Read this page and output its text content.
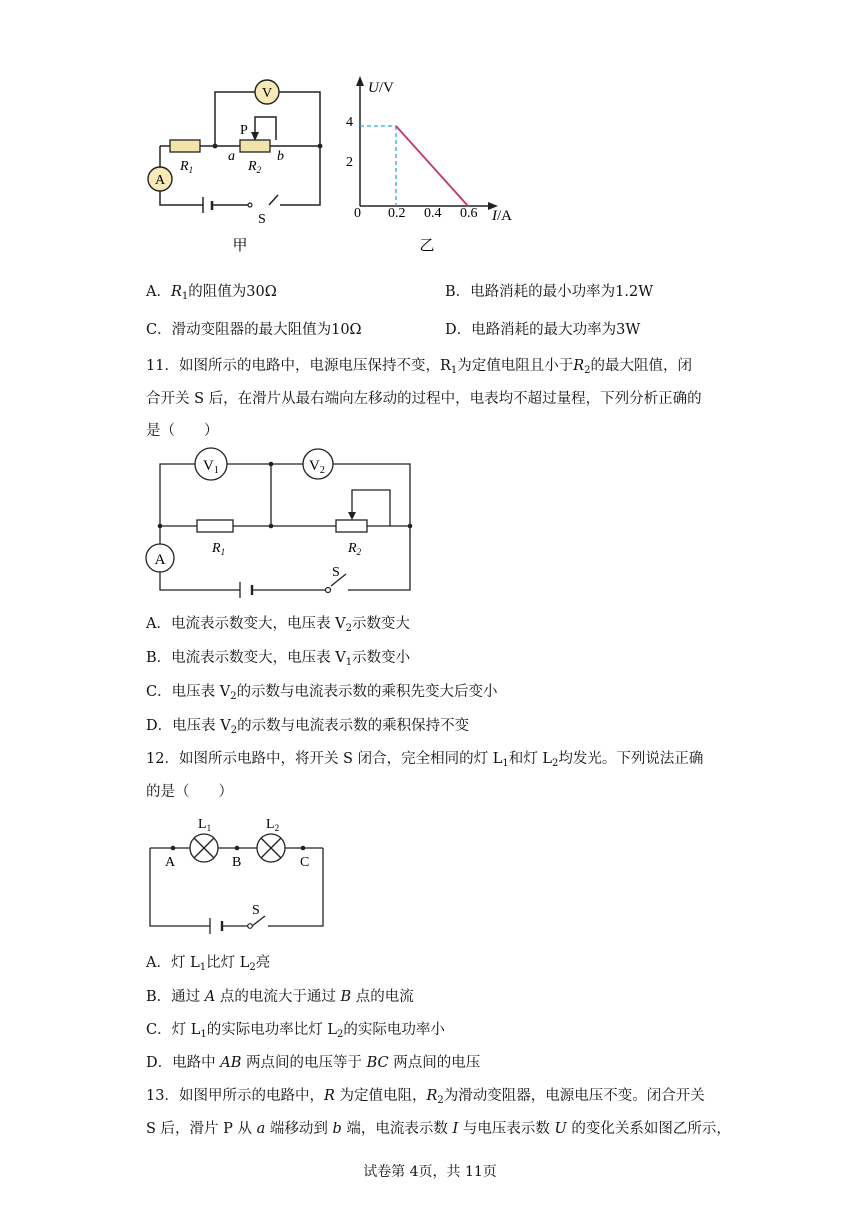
V
A
P
$R_1$	$R_2$
a	b
S
甲
U/V
I/A
4
2
0 0.2 0.4 0.6
乙
A．$R_1$的阻值为30Ω	B．电路消耗的最小功率为1.2W
C．滑动变阻器的最大阻值为10Ω	D．电路消耗的最大功率为3W
11．如图所示的电路中，电源电压保持不变，$R_1$为定值电阻且小于$R_2$的最大阻值，闭
合开关 S 后，在滑片从最右端向左移动的过程中，电表均不超过量程，下列分析正确的
是（　　）
$V_1$	$V_2$
A
$R_1$	$R_2$
S
A．电流表示数变大，电压表 $V_2$示数变大
B．电流表示数变大，电压表 $V_1$示数变小
C．电压表 $V_2$的示数与电流表示数的乘积先变大后变小
D．电压表 $V_2$的示数与电流表示数的乘积保持不变
12．如图所示电路中，将开关 S 闭合，完全相同的灯 $L_1$和灯 $L_2$均发光。下列说法正确
的是（　　）
$L_1$	$L_2$
A	B	C
S
A．灯 $L_1$比灯 $L_2$亮
B．通过 A 点的电流大于通过 B 点的电流
C．灯 $L_1$的实际电功率比灯 $L_2$的实际电功率小
D．电路中 AB 两点间的电压等于 BC 两点间的电压
13．如图甲所示的电路中，R 为定值电阻，$R_2$为滑动变阻器，电源电压不变。闭合开关
S 后，滑片 P 从 a 端移动到 b 端，电流表示数 I 与电压表示数 U 的变化关系如图乙所示，
试卷第 4页，共 11页
